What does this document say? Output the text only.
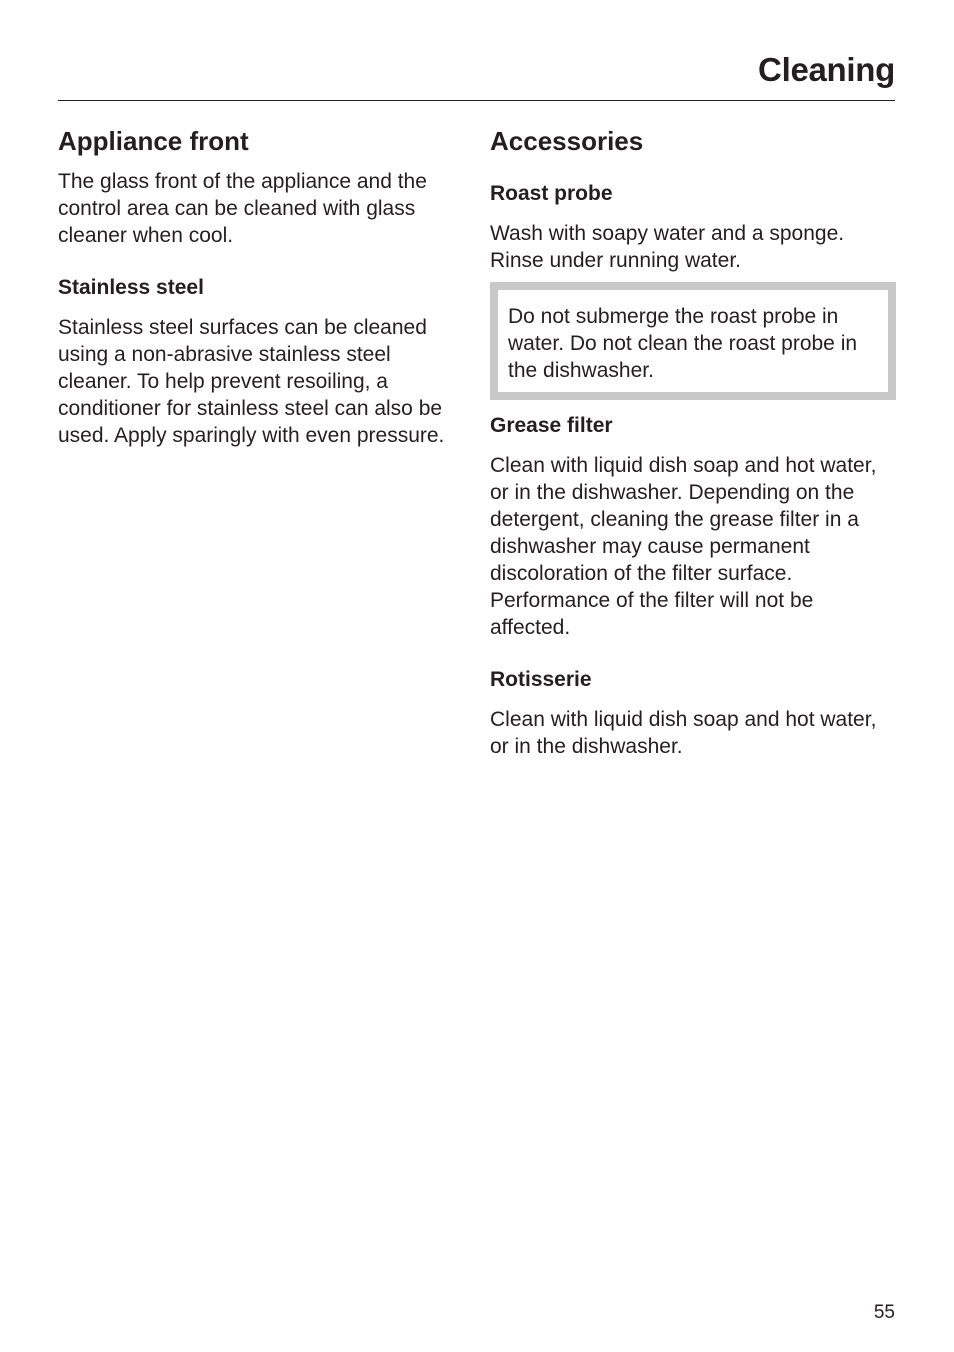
Cleaning
Appliance front

The glass front of the appliance and the control area can be cleaned with glass cleaner when cool.

Stainless steel

Stainless steel surfaces can be cleaned using a non-abrasive stainless steel cleaner. To help prevent resoiling, a conditioner for stainless steel can also be used. Apply sparingly with even pressure.

Accessories
Roast probe

Wash with soapy water and a sponge. Rinse under running water.

Do not submerge the roast probe in water. Do not clean the roast probe in the dishwasher.

Grease filter

Clean with liquid dish soap and hot water, or in the dishwasher. Depending on the detergent, cleaning the grease filter in a dishwasher may cause permanent discoloration of the filter surface. Performance of the filter will not be affected.

Rotisserie

Clean with liquid dish soap and hot water, or in the dishwasher.

55
